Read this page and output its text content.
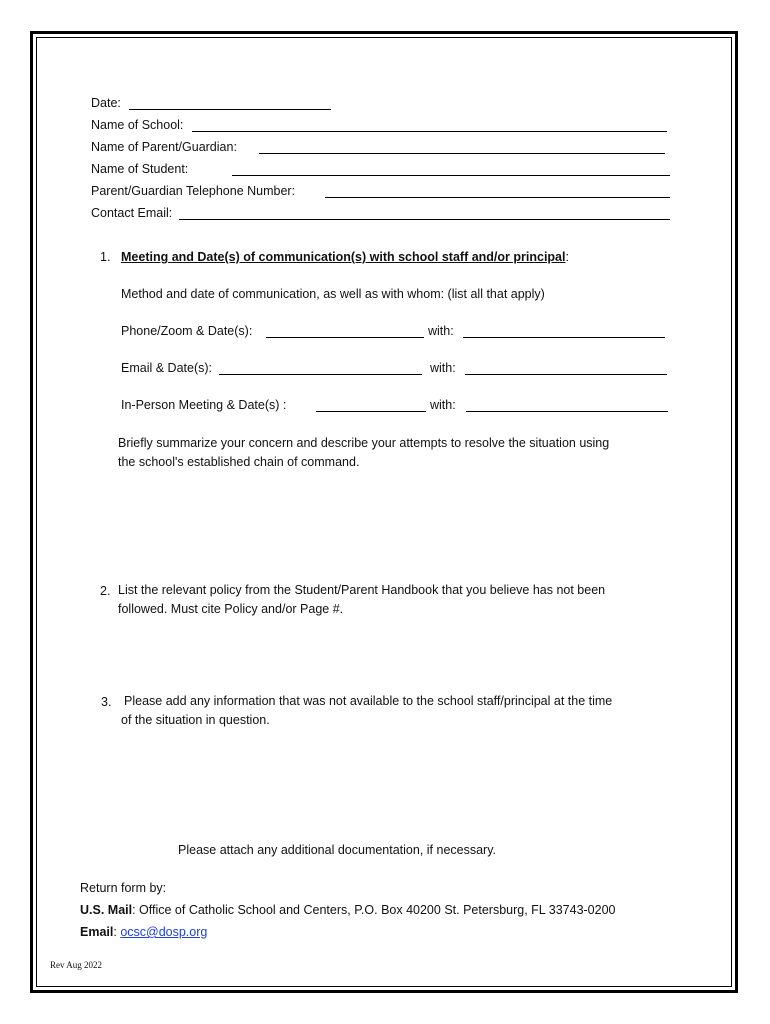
Date:
Name of School:
Name of Parent/Guardian:
Name of Student:
Parent/Guardian Telephone Number:
Contact Email:
1. Meeting and Date(s) of communication(s) with school staff and/or principal:
Method and date of communication, as well as with whom: (list all that apply)
Phone/Zoom & Date(s):	with:
Email & Date(s):	with:
In-Person Meeting & Date(s) :	with:
Briefly summarize your concern and describe your attempts to resolve the situation using
the school's established chain of command.
2. List the relevant policy from the Student/Parent Handbook that you believe has not been
followed. Must cite Policy and/or Page #.
3. Please add any information that was not available to the school staff/principal at the time
of the situation in question.
Please attach any additional documentation, if necessary.
Return form by:
U.S. Mail: Office of Catholic School and Centers, P.O. Box 40200 St. Petersburg, FL 33743-0200
Email: ocsc@dosp.org
Rev Aug 2022
